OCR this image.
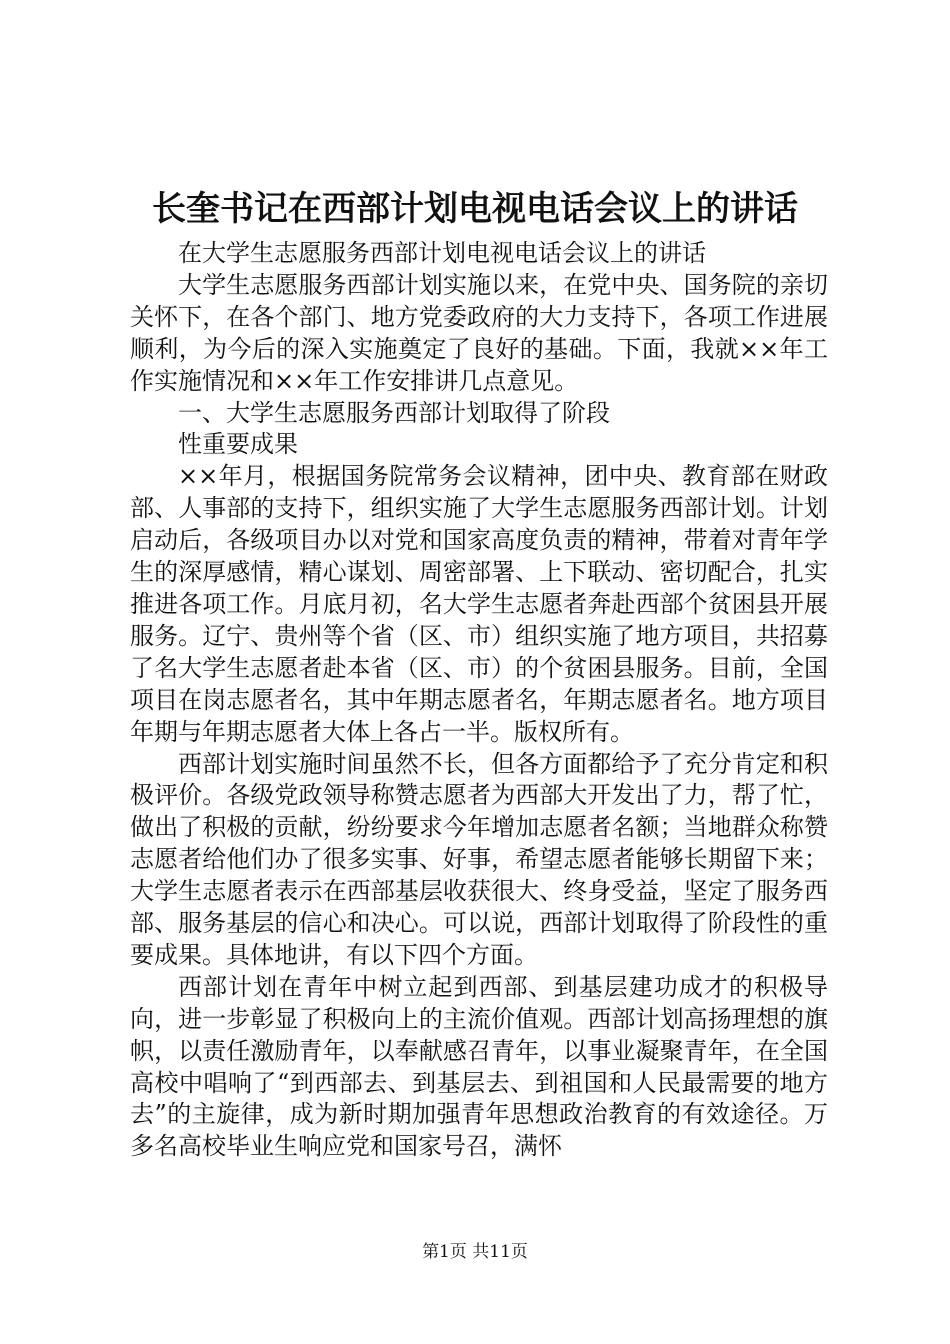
长奎书记在西部计划电视电话会议上的讲话

在大学生志愿服务西部计划电视电话会议上的讲话

大学生志愿服务西部计划实施以来，在党中央、国务院的亲切关怀下，在各个部门、地方党委政府的大力支持下，各项工作进展顺利，为今后的深入实施奠定了良好的基础。下面，我就××年工作实施情况和××年工作安排讲几点意见。

一、大学生志愿服务西部计划取得了阶段

性重要成果

××年月，根据国务院常务会议精神，团中央、教育部在财政部、人事部的支持下，组织实施了大学生志愿服务西部计划。计划启动后，各级项目办以对党和国家高度负责的精神，带着对青年学生的深厚感情，精心谋划、周密部署、上下联动、密切配合，扎实推进各项工作。月底月初，名大学生志愿者奔赴西部个贫困县开展服务。辽宁、贵州等个省（区、市）组织实施了地方项目，共招募了名大学生志愿者赴本省（区、市）的个贫困县服务。目前，全国项目在岗志愿者名，其中年期志愿者名，年期志愿者名。地方项目年期与年期志愿者大体上各占一半。版权所有。

西部计划实施时间虽然不长，但各方面都给予了充分肯定和积极评价。各级党政领导称赞志愿者为西部大开发出了力，帮了忙，做出了积极的贡献，纷纷要求今年增加志愿者名额；当地群众称赞志愿者给他们办了很多实事、好事，希望志愿者能够长期留下来；大学生志愿者表示在西部基层收获很大、终身受益，坚定了服务西部、服务基层的信心和决心。可以说，西部计划取得了阶段性的重要成果。具体地讲，有以下四个方面。

西部计划在青年中树立起到西部、到基层建功成才的积极导向，进一步彰显了积极向上的主流价值观。西部计划高扬理想的旗帜，以责任激励青年，以奉献感召青年，以事业凝聚青年，在全国高校中唱响了“到西部去、到基层去、到祖国和人民最需要的地方去”的主旋律，成为新时期加强青年思想政治教育的有效途径。万多名高校毕业生响应党和国家号召，满怀

第1页 共11页
